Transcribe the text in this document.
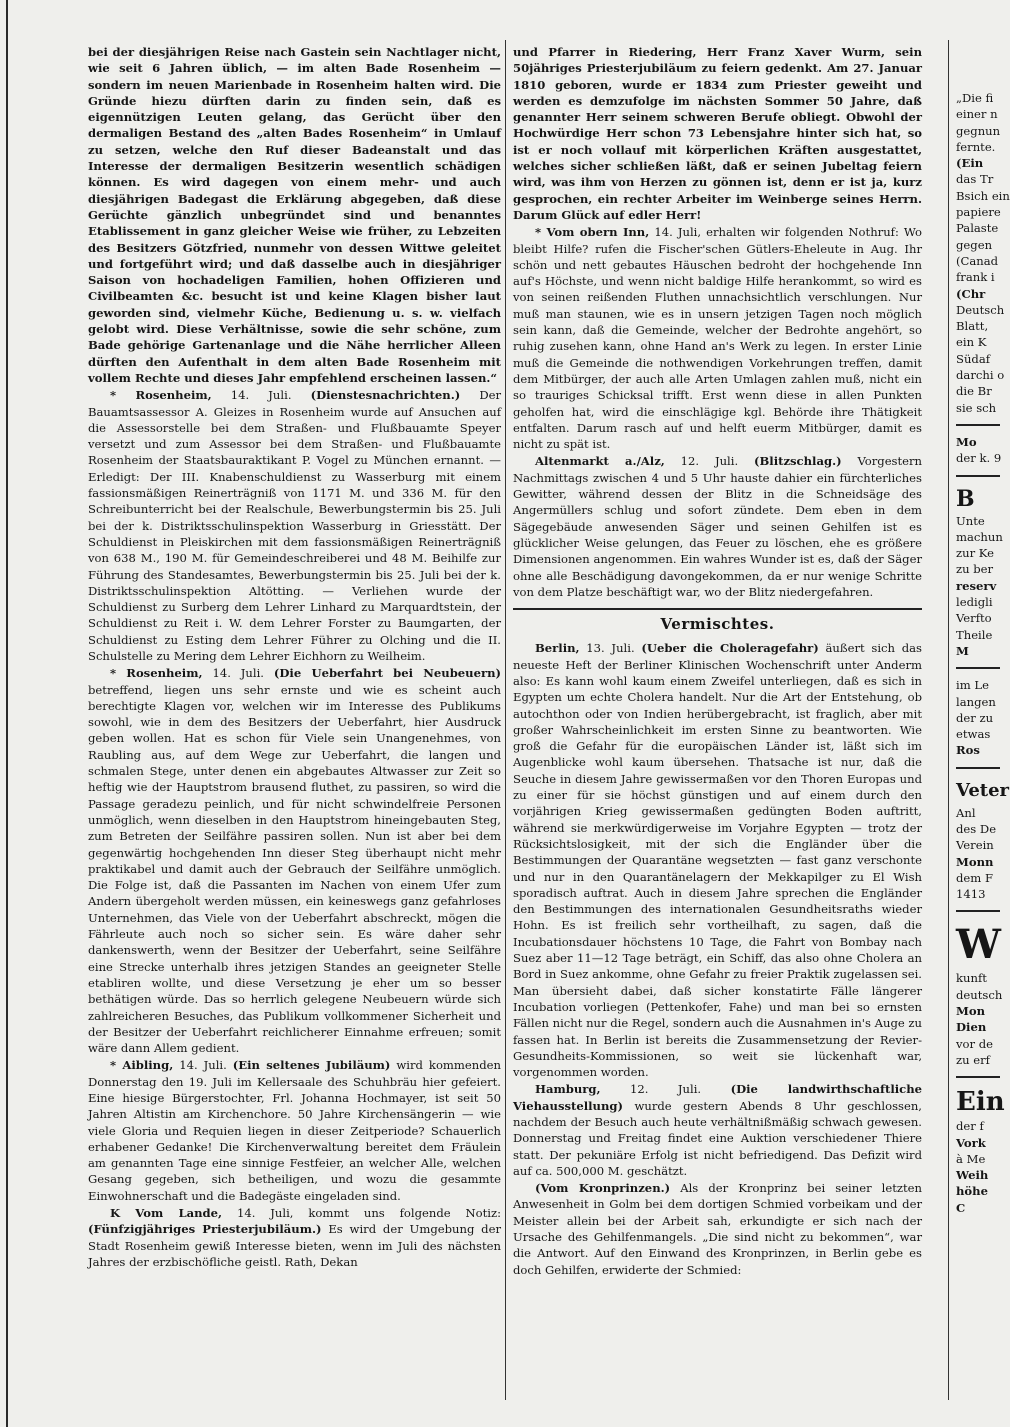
bei der diesjährigen Reise nach Gastein sein Nachtlager nicht, wie seit 6 Jahren üblich, — im alten Bade Rosenheim — sondern im neuen Marienbade in Rosenheim halten wird. Die Gründe hiezu dürften darin zu finden sein, daß es eigennützigen Leuten gelang, das Gerücht über den dermaligen Bestand des „alten Bades Rosenheim“ in Umlauf zu setzen, welche den Ruf dieser Badeanstalt und das Interesse der dermaligen Besitzerin wesentlich schädigen können. Es wird dagegen von einem mehr- und auch diesjährigen Badegast die Erklärung abgegeben, daß diese Gerüchte gänzlich unbegründet sind und benanntes Etablissement in ganz gleicher Weise wie früher, zu Lebzeiten des Besitzers Götzfried, nunmehr von dessen Wittwe geleitet und fortgeführt wird; und daß dasselbe auch in diesjähriger Saison von hochadeligen Familien, hohen Offizieren und Civilbeamten &c. besucht ist und keine Klagen bisher laut geworden sind, vielmehr Küche, Bedienung u. s. w. vielfach gelobt wird. Diese Verhältnisse, sowie die sehr schöne, zum Bade gehörige Gartenanlage und die Nähe herrlicher Alleen dürften den Aufenthalt in dem alten Bade Rosenheim mit vollem Rechte und dieses Jahr empfehlend erscheinen lassen.“

* Rosenheim, 14. Juli. (Dienstesnachrichten.) Der Bauamtsassessor A. Gleizes in Rosenheim wurde auf Ansuchen auf die Assessorstelle bei dem Straßen- und Flußbauamte Speyer versetzt und zum Assessor bei dem Straßen- und Flußbauamte Rosenheim der Staatsbauraktikant P. Vogel zu München ernannt. — Erledigt: Der III. Knabenschuldienst zu Wasserburg mit einem fassionsmäßigen Reinerträgniß von 1171 M. und 336 M. für den Schreibunterricht bei der Realschule, Bewerbungstermin bis 25. Juli bei der k. Distriktsschulinspektion Wasserburg in Griesstätt. Der Schuldienst in Pleiskirchen mit dem fassionsmäßigen Reinerträgniß von 638 M., 190 M. für Gemeindeschreiberei und 48 M. Beihilfe zur Führung des Standesamtes, Bewerbungstermin bis 25. Juli bei der k. Distriktsschulinspektion Altötting. — Verliehen wurde der Schuldienst zu Surberg dem Lehrer Linhard zu Marquardtstein, der Schuldienst zu Reit i. W. dem Lehrer Forster zu Baumgarten, der Schuldienst zu Esting dem Lehrer Führer zu Olching und die II. Schulstelle zu Mering dem Lehrer Eichhorn zu Weilheim.

* Rosenheim, 14. Juli. (Die Ueberfahrt bei Neubeuern) betreffend, liegen uns sehr ernste und wie es scheint auch berechtigte Klagen vor, welchen wir im Interesse des Publikums sowohl, wie in dem des Besitzers der Ueberfahrt, hier Ausdruck geben wollen. Hat es schon für Viele sein Unangenehmes, von Raubling aus, auf dem Wege zur Ueberfahrt, die langen und schmalen Stege, unter denen ein abgebautes Altwasser zur Zeit so heftig wie der Hauptstrom brausend fluthet, zu passiren, so wird die Passage geradezu peinlich, und für nicht schwindelfreie Personen unmöglich, wenn dieselben in den Hauptstrom hineingebauten Steg, zum Betreten der Seilfähre passiren sollen. Nun ist aber bei dem gegenwärtig hochgehenden Inn dieser Steg überhaupt nicht mehr praktikabel und damit auch der Gebrauch der Seilfähre unmöglich. Die Folge ist, daß die Passanten im Nachen von einem Ufer zum Andern übergeholt werden müssen, ein keineswegs ganz gefahrloses Unternehmen, das Viele von der Ueberfahrt abschreckt, mögen die Fährleute auch noch so sicher sein. Es wäre daher sehr dankenswerth, wenn der Besitzer der Ueberfahrt, seine Seilfähre eine Strecke unterhalb ihres jetzigen Standes an geeigneter Stelle etabliren wollte, und diese Versetzung je eher um so besser bethätigen würde. Das so herrlich gelegene Neubeuern würde sich zahlreicheren Besuches, das Publikum vollkommener Sicherheit und der Besitzer der Ueberfahrt reichlicherer Einnahme erfreuen; somit wäre dann Allem gedient.

* Aibling, 14. Juli. (Ein seltenes Jubiläum) wird kommenden Donnerstag den 19. Juli im Kellersaale des Schuhbräu hier gefeiert. Eine hiesige Bürgerstochter, Frl. Johanna Hochmayer, ist seit 50 Jahren Altistin am Kirchenchore. 50 Jahre Kirchensängerin — wie viele Gloria und Requien liegen in dieser Zeitperiode? Schauerlich erhabener Gedanke! Die Kirchenverwaltung bereitet dem Fräulein am genannten Tage eine sinnige Festfeier, an welcher Alle, welchen Gesang gegeben, sich betheiligen, und wozu die gesammte Einwohnerschaft und die Badegäste eingeladen sind.

K Vom Lande, 14. Juli, kommt uns folgende Notiz: (Fünfzigjähriges Priesterjubiläum.) Es wird der Umgebung der Stadt Rosenheim gewiß Interesse bieten, wenn im Juli des nächsten Jahres der erzbischöfliche geistl. Rath, Dekan

und Pfarrer in Riedering, Herr Franz Xaver Wurm, sein 50jähriges Priesterjubiläum zu feiern gedenkt. Am 27. Januar 1810 geboren, wurde er 1834 zum Priester geweiht und werden es demzufolge im nächsten Sommer 50 Jahre, daß genannter Herr seinem schweren Berufe obliegt. Obwohl der Hochwürdige Herr schon 73 Lebensjahre hinter sich hat, so ist er noch vollauf mit körperlichen Kräften ausgestattet, welches sicher schließen läßt, daß er seinen Jubeltag feiern wird, was ihm von Herzen zu gönnen ist, denn er ist ja, kurz gesprochen, ein rechter Arbeiter im Weinberge seines Herrn. Darum Glück auf edler Herr!

* Vom obern Inn, 14. Juli, erhalten wir folgenden Nothruf: Wo bleibt Hilfe? rufen die Fischer'schen Gütlers-Eheleute in Aug. Ihr schön und nett gebautes Häuschen bedroht der hochgehende Inn auf's Höchste, und wenn nicht baldige Hilfe herankommt, so wird es von seinen reißenden Fluthen unnachsichtlich verschlungen. Nur muß man staunen, wie es in unsern jetzigen Tagen noch möglich sein kann, daß die Gemeinde, welcher der Bedrohte angehört, so ruhig zusehen kann, ohne Hand an's Werk zu legen. In erster Linie muß die Gemeinde die nothwendigen Vorkehrungen treffen, damit dem Mitbürger, der auch alle Arten Umlagen zahlen muß, nicht ein so trauriges Schicksal trifft. Erst wenn diese in allen Punkten geholfen hat, wird die einschlägige kgl. Behörde ihre Thätigkeit entfalten. Darum rasch auf und helft euerm Mitbürger, damit es nicht zu spät ist.

Altenmarkt a./Alz, 12. Juli. (Blitzschlag.) Vorgestern Nachmittags zwischen 4 und 5 Uhr hauste dahier ein fürchterliches Gewitter, während dessen der Blitz in die Schneidsäge des Angermüllers schlug und sofort zündete. Dem eben in dem Sägegebäude anwesenden Säger und seinen Gehilfen ist es glücklicher Weise gelungen, das Feuer zu löschen, ehe es größere Dimensionen angenommen. Ein wahres Wunder ist es, daß der Säger ohne alle Beschädigung davongekommen, da er nur wenige Schritte von dem Platze beschäftigt war, wo der Blitz niedergefahren.

Vermischtes.

Berlin, 13. Juli. (Ueber die Choleragefahr) äußert sich das neueste Heft der Berliner Klinischen Wochenschrift unter Anderm also: Es kann wohl kaum einem Zweifel unterliegen, daß es sich in Egypten um echte Cholera handelt. Nur die Art der Entstehung, ob autochthon oder von Indien herübergebracht, ist fraglich, aber mit großer Wahrscheinlichkeit im ersten Sinne zu beantworten. Wie groß die Gefahr für die europäischen Länder ist, läßt sich im Augenblicke wohl kaum übersehen. Thatsache ist nur, daß die Seuche in diesem Jahre gewissermaßen vor den Thoren Europas und zu einer für sie höchst günstigen und auf einem durch den vorjährigen Krieg gewissermaßen gedüngten Boden auftritt, während sie merkwürdigerweise im Vorjahre Egypten — trotz der Rücksichtslosigkeit, mit der sich die Engländer über die Bestimmungen der Quarantäne wegsetzten — fast ganz verschonte und nur in den Quarantänelagern der Mekkapilger zu El Wish sporadisch auftrat. Auch in diesem Jahre sprechen die Engländer den Bestimmungen des internationalen Gesundheitsraths wieder Hohn. Es ist freilich sehr vortheilhaft, zu sagen, daß die Incubationsdauer höchstens 10 Tage, die Fahrt von Bombay nach Suez aber 11—12 Tage beträgt, ein Schiff, das also ohne Cholera an Bord in Suez ankomme, ohne Gefahr zu freier Praktik zugelassen sei. Man übersieht dabei, daß sicher konstatirte Fälle längerer Incubation vorliegen (Pettenkofer, Fahe) und man bei so ernsten Fällen nicht nur die Regel, sondern auch die Ausnahmen in's Auge zu fassen hat. In Berlin ist bereits die Zusammensetzung der Revier-Gesundheits-Kommissionen, so weit sie lückenhaft war, vorgenommen worden.

Hamburg,	12. Juli.	(Die landwirthschaftliche Viehausstellung) wurde gestern Abends 8 Uhr geschlossen, nachdem der Besuch auch heute verhältnißmäßig schwach gewesen. Donnerstag und Freitag findet eine Auktion verschiedener Thiere statt. Der pekuniäre Erfolg ist nicht befriedigend. Das Defizit wird auf ca. 500,000 M. geschätzt.

(Vom Kronprinzen.) Als der Kronprinz bei seiner letzten Anwesenheit in Golm bei dem dortigen Schmied vorbeikam und der Meister allein bei der Arbeit sah, erkundigte er sich nach der Ursache des Gehilfenmangels. „Die sind nicht zu bekommen“, war die Antwort. Auf den Einwand des Kronprinzen, in Berlin gebe es doch Gehilfen, erwiderte der Schmied:

„Die fi
einer n
gegnun
fernte.
(Ein
das Tr
Bsich ein
papiere
Palaste
gegen
(Canad
frank i
(Chr
Deutsch
Blatt,
ein K
Südaf
darchi o
die Br
sie sch
Mo
der k. 9
B
Unte
machun
zur Ke
zu ber
reserv
ledigli
Verfto
Theile
M
im Le
langen
der zu
etwas
Ros
Veter
Anl
des De
Verein
Monn
dem F
1413
W
kunft
deutsch
Mon
Dien
vor de
zu erf
Ein
der f
Vork
à Me
Weih
höhe
C
